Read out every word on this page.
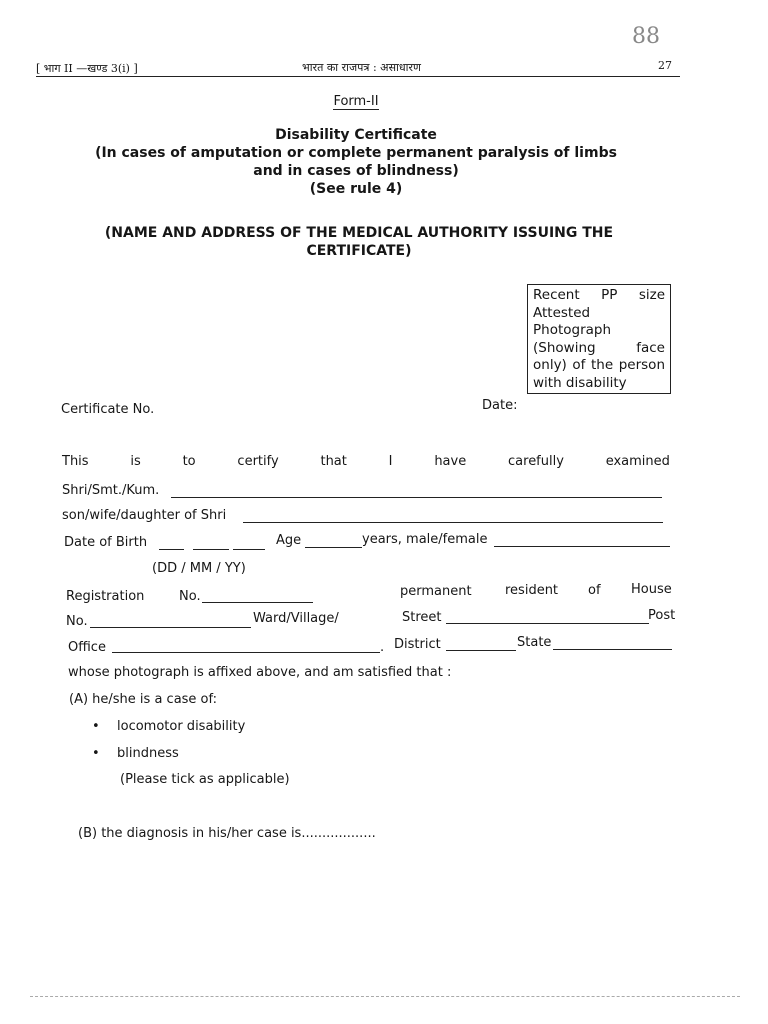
[ भाग II —खण्ड 3(i) ]	भारत का राजपत्र : असाधारण	27
88
Form-II
Disability Certificate
(In cases of amputation or complete permanent paralysis of limbs
and in cases of blindness)
(See rule 4)
(NAME AND ADDRESS OF THE MEDICAL AUTHORITY ISSUING THE
CERTIFICATE)
Recent PP size Attested Photograph (Showing face only) of the person with disability
Certificate No.	Date:
This	is	to	certify	that	I	have	carefully	examined
Shri/Smt./Kum.
son/wife/daughter of Shri
Date of Birth	Age	years, male/female
(DD / MM / YY)
Registration	No.	permanent	resident of House
No.	Ward/Village/	Street	Post
Office	. District	State
whose photograph is affixed above, and am satisfied that :
(A) he/she is a case of:
• locomotor disability
• blindness
(Please tick as applicable)
(B) the diagnosis in his/her case is..................
